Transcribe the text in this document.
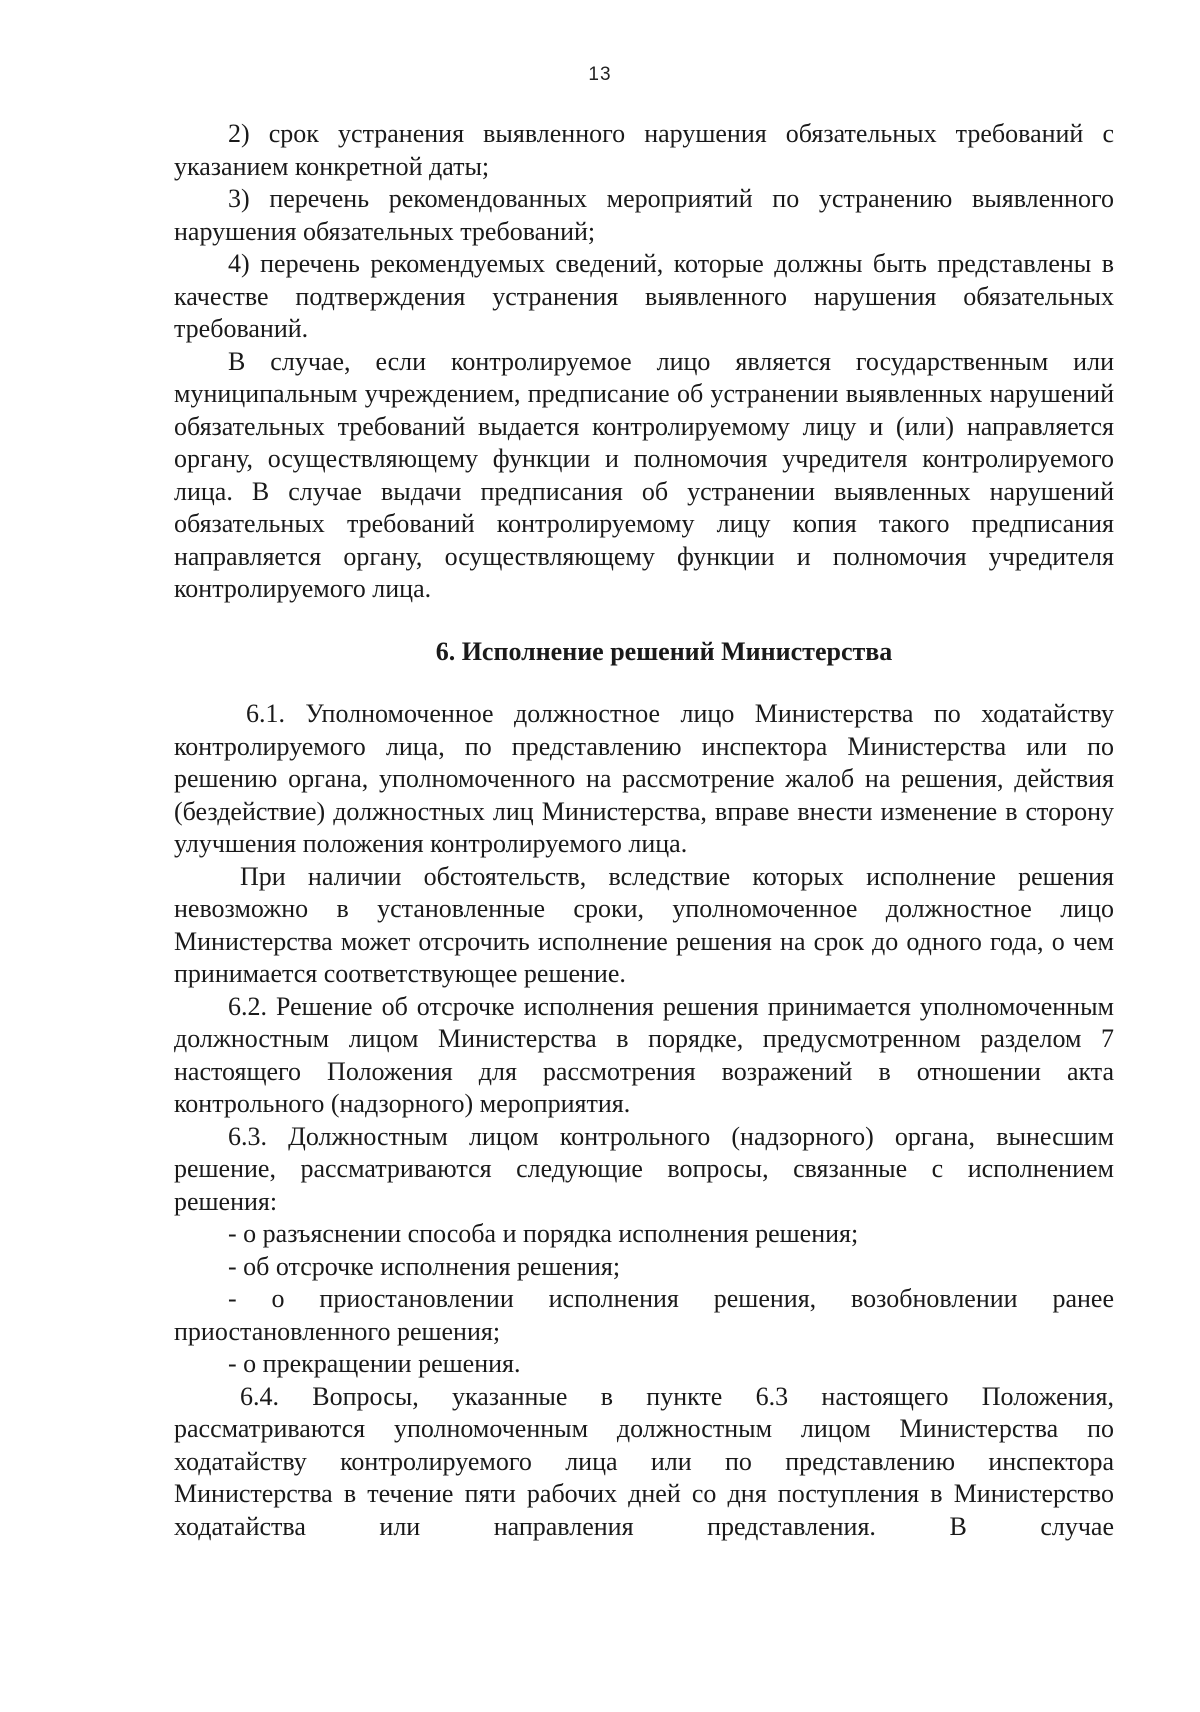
13

2) срок устранения выявленного нарушения обязательных требований с указанием конкретной даты;

3) перечень рекомендованных мероприятий по устранению выявленного нарушения обязательных требований;

4) перечень рекомендуемых сведений, которые должны быть представлены в качестве подтверждения устранения выявленного нарушения обязательных требований.

В случае, если контролируемое лицо является государственным или муниципальным учреждением, предписание об устранении выявленных нарушений обязательных требований выдается контролируемому лицу и (или) направляется органу, осуществляющему функции и полномочия учредителя контролируемого лица. В случае выдачи предписания об устранении выявленных нарушений обязательных требований контролируемому лицу копия такого предписания направляется органу, осуществляющему функции и полномочия учредителя контролируемого лица.

6. Исполнение решений Министерства

6.1. Уполномоченное должностное лицо Министерства по ходатайству контролируемого лица, по представлению инспектора Министерства или по решению органа, уполномоченного на рассмотрение жалоб на решения, действия (бездействие) должностных лиц Министерства, вправе внести изменение в сторону улучшения положения контролируемого лица.

При наличии обстоятельств, вследствие которых исполнение решения невозможно в установленные сроки, уполномоченное должностное лицо Министерства может отсрочить исполнение решения на срок до одного года, о чем принимается соответствующее решение.

6.2. Решение об отсрочке исполнения решения принимается уполномоченным должностным лицом Министерства в порядке, предусмотренном разделом 7 настоящего Положения для рассмотрения возражений в отношении акта контрольного (надзорного) мероприятия.

6.3. Должностным лицом контрольного (надзорного) органа, вынесшим решение, рассматриваются следующие вопросы, связанные с исполнением решения:

- о разъяснении способа и порядка исполнения решения;

- об отсрочке исполнения решения;

- о приостановлении исполнения решения, возобновлении ранее приостановленного решения;

- о прекращении решения.

6.4. Вопросы, указанные в пункте 6.3 настоящего Положения, рассматриваются уполномоченным должностным лицом Министерства по ходатайству контролируемого лица или по представлению инспектора Министерства в течение пяти рабочих дней со дня поступления в Министерство ходатайства или направления представления. В случае
